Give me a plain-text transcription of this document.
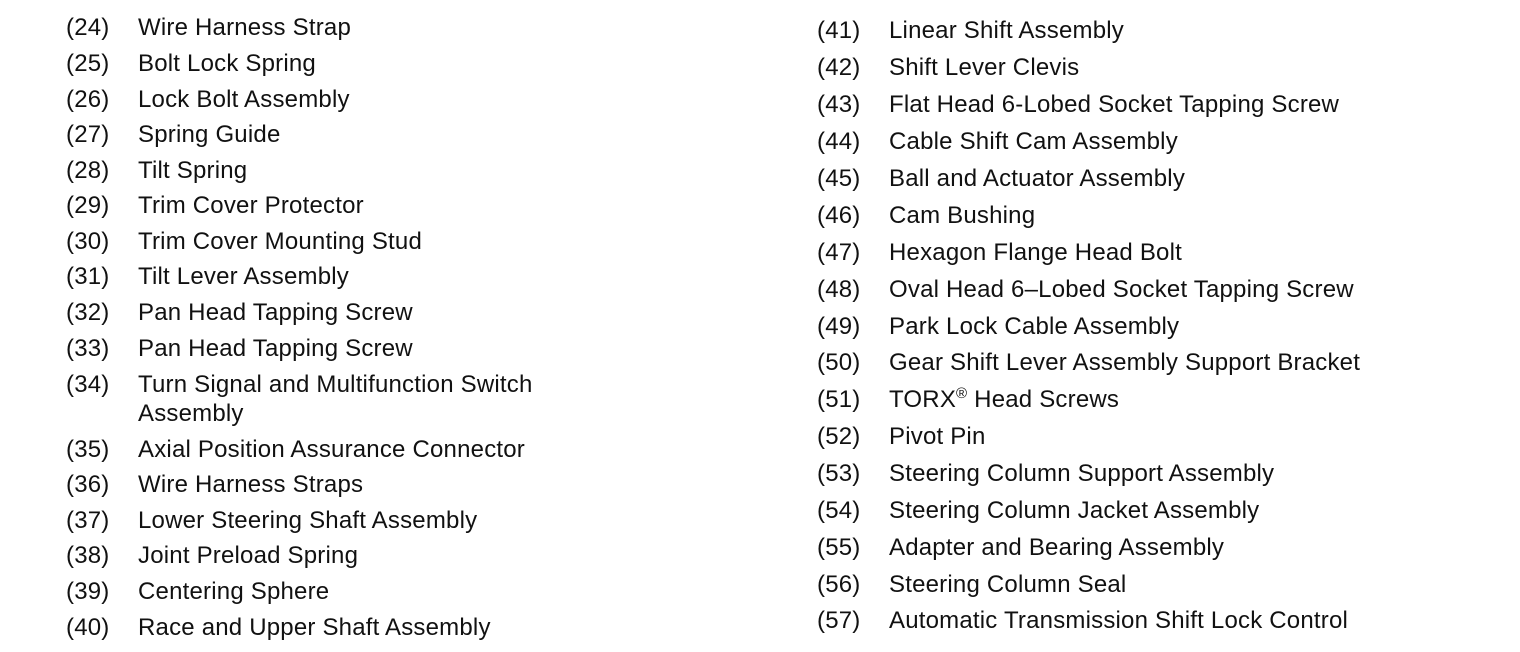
(24)	Wire Harness Strap
(25)	Bolt Lock Spring
(26)	Lock Bolt Assembly
(27)	Spring Guide
(28)	Tilt Spring
(29)	Trim Cover Protector
(30)	Trim Cover Mounting Stud
(31)	Tilt Lever Assembly
(32)	Pan Head Tapping Screw
(33)	Pan Head Tapping Screw
(34)	Turn Signal and Multifunction Switch Assembly
(35)	Axial Position Assurance Connector
(36)	Wire Harness Straps
(37)	Lower Steering Shaft Assembly
(38)	Joint Preload Spring
(39)	Centering Sphere
(40)	Race and Upper Shaft Assembly
(41)	Linear Shift Assembly
(42)	Shift Lever Clevis
(43)	Flat Head 6-Lobed Socket Tapping Screw
(44)	Cable Shift Cam Assembly
(45)	Ball and Actuator Assembly
(46)	Cam Bushing
(47)	Hexagon Flange Head Bolt
(48)	Oval Head 6–Lobed Socket Tapping Screw
(49)	Park Lock Cable Assembly
(50)	Gear Shift Lever Assembly Support Bracket
(51)	TORX® Head Screws
(52)	Pivot Pin
(53)	Steering Column Support Assembly
(54)	Steering Column Jacket Assembly
(55)	Adapter and Bearing Assembly
(56)	Steering Column Seal
(57)	Automatic Transmission Shift Lock Control
